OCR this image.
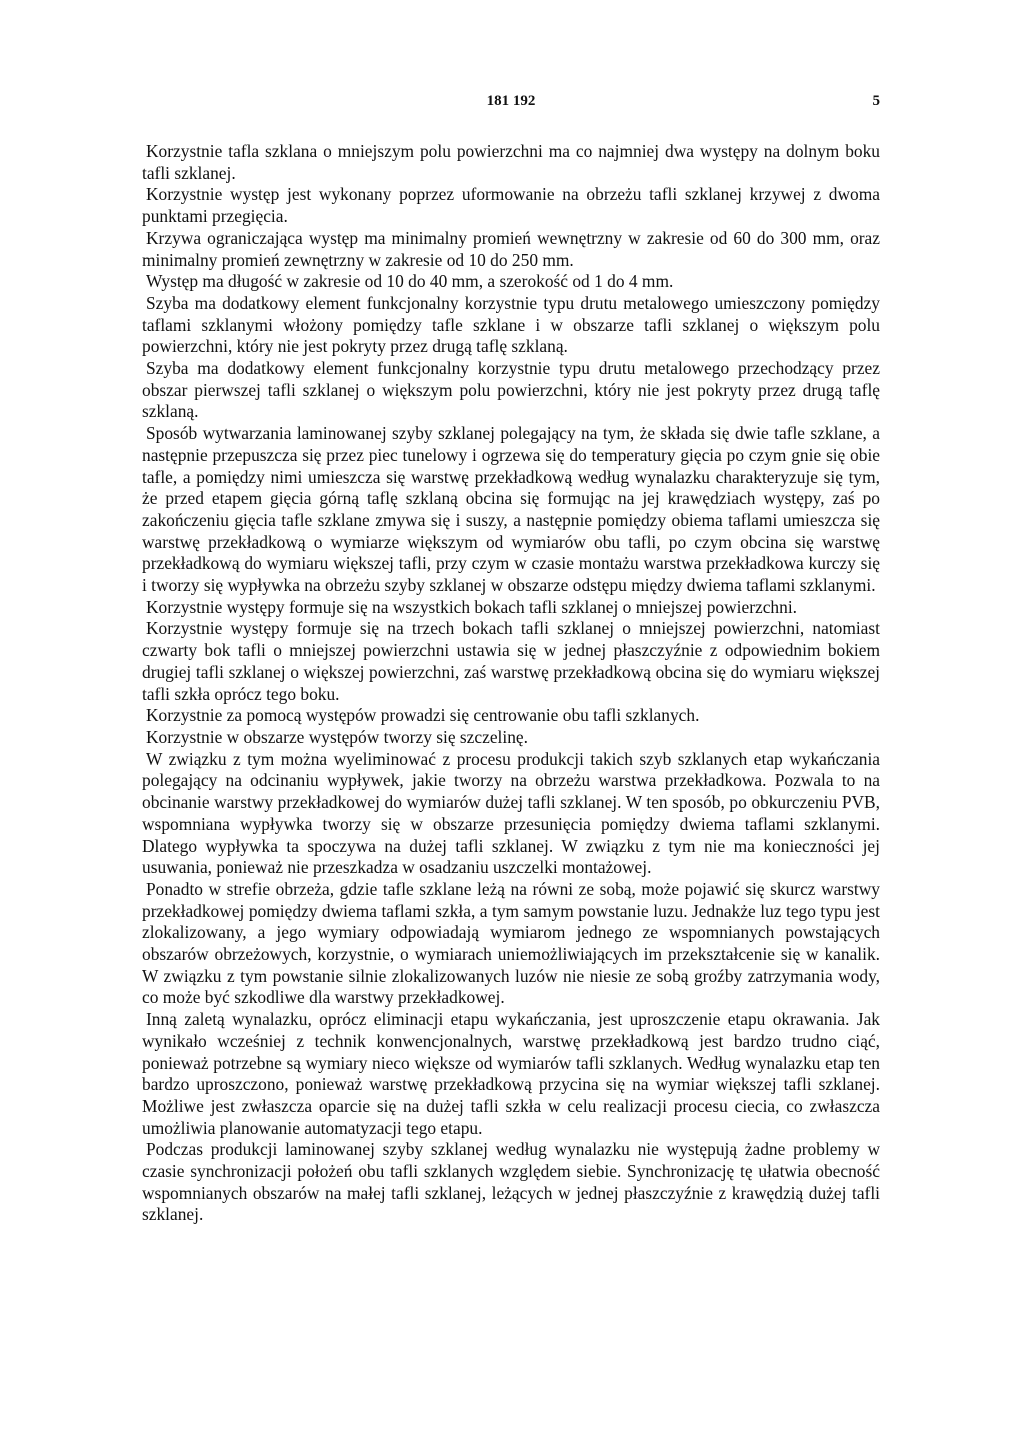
181 192	5

Korzystnie tafla szklana o mniejszym polu powierzchni ma co najmniej dwa występy na dolnym boku tafli szklanej.

Korzystnie występ jest wykonany poprzez uformowanie na obrzeżu tafli szklanej krzywej z dwoma punktami przegięcia.

Krzywa ograniczająca występ ma minimalny promień wewnętrzny w zakresie od 60 do 300 mm, oraz minimalny promień zewnętrzny w zakresie od 10 do 250 mm.

Występ ma długość w zakresie od 10 do 40 mm, a szerokość od 1 do 4 mm.

Szyba ma dodatkowy element funkcjonalny korzystnie typu drutu metalowego umieszczony pomiędzy taflami szklanymi włożony pomiędzy tafle szklane i w obszarze tafli szklanej o większym polu powierzchni, który nie jest pokryty przez drugą taflę szklaną.

Szyba ma dodatkowy element funkcjonalny korzystnie typu drutu metalowego przechodzący przez obszar pierwszej tafli szklanej o większym polu powierzchni, który nie jest pokryty przez drugą taflę szklaną.

Sposób wytwarzania laminowanej szyby szklanej polegający na tym, że składa się dwie tafle szklane, a następnie przepuszcza się przez piec tunelowy i ogrzewa się do temperatury gięcia po czym gnie się obie tafle, a pomiędzy nimi umieszcza się warstwę przekładkową według wynalazku charakteryzuje się tym, że przed etapem gięcia górną taflę szklaną obcina się formując na jej krawędziach występy, zaś po zakończeniu gięcia tafle szklane zmywa się i suszy, a następnie pomiędzy obiema taflami umieszcza się warstwę przekładkową o wymiarze większym od wymiarów obu tafli, po czym obcina się warstwę przekładkową do wymiaru większej tafli, przy czym w czasie montażu warstwa przekładkowa kurczy się i tworzy się wypływka na obrzeżu szyby szklanej w obszarze odstępu między dwiema taflami szklanymi.

Korzystnie występy formuje się na wszystkich bokach tafli szklanej o mniejszej powierzchni.

Korzystnie występy formuje się na trzech bokach tafli szklanej o mniejszej powierzchni, natomiast czwarty bok tafli o mniejszej powierzchni ustawia się w jednej płaszczyźnie z odpowiednim bokiem drugiej tafli szklanej o większej powierzchni, zaś warstwę przekładkową obcina się do wymiaru większej tafli szkła oprócz tego boku.

Korzystnie za pomocą występów prowadzi się centrowanie obu tafli szklanych.

Korzystnie w obszarze występów tworzy się szczelinę.

W związku z tym można wyeliminować z procesu produkcji takich szyb szklanych etap wykańczania polegający na odcinaniu wypływek, jakie tworzy na obrzeżu warstwa przekładkowa. Pozwala to na obcinanie warstwy przekładkowej do wymiarów dużej tafli szklanej. W ten sposób, po obkurczeniu PVB, wspomniana wypływka tworzy się w obszarze przesunięcia pomiędzy dwiema taflami szklanymi. Dlatego wypływka ta spoczywa na dużej tafli szklanej. W związku z tym nie ma konieczności jej usuwania, ponieważ nie przeszkadza w osadzaniu uszczelki montażowej.

Ponadto w strefie obrzeża, gdzie tafle szklane leżą na równi ze sobą, może pojawić się skurcz warstwy przekładkowej pomiędzy dwiema taflami szkła, a tym samym powstanie luzu. Jednakże luz tego typu jest zlokalizowany, a jego wymiary odpowiadają wymiarom jednego ze wspomnianych powstających obszarów obrzeżowych, korzystnie, o wymiarach uniemożliwiających im przekształcenie się w kanalik. W związku z tym powstanie silnie zlokalizowanych luzów nie niesie ze sobą groźby zatrzymania wody, co może być szkodliwe dla warstwy przekładkowej.

Inną zaletą wynalazku, oprócz eliminacji etapu wykańczania, jest uproszczenie etapu okrawania. Jak wynikało wcześniej z technik konwencjonalnych, warstwę przekładkową jest bardzo trudno ciąć, ponieważ potrzebne są wymiary nieco większe od wymiarów tafli szklanych. Według wynalazku etap ten bardzo uproszczono, ponieważ warstwę przekładkową przycina się na wymiar większej tafli szklanej. Możliwe jest zwłaszcza oparcie się na dużej tafli szkła w celu realizacji procesu ciecia, co zwłaszcza umożliwia planowanie automatyzacji tego etapu.

Podczas produkcji laminowanej szyby szklanej według wynalazku nie występują żadne problemy w czasie synchronizacji położeń obu tafli szklanych względem siebie. Synchronizację tę ułatwia obecność wspomnianych obszarów na małej tafli szklanej, leżących w jednej płaszczyźnie z krawędzią dużej tafli szklanej.
